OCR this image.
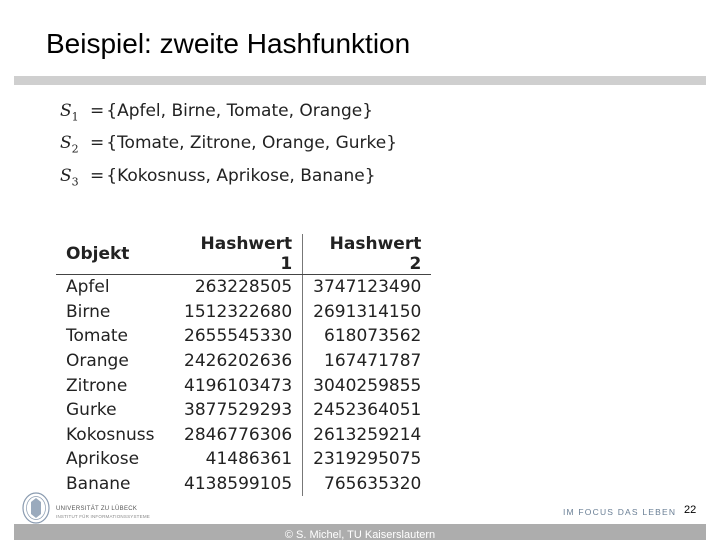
Beispiel: zweite Hashfunktion
$S_1$ = {Apfel, Birne, Tomate, Orange}
$S_2$ = {Tomate, Zitrone, Orange, Gurke}
$S_3$ = {Kokosnuss, Aprikose, Banane}
Objekt	Hashwert 1	Hashwert 2
Apfel	263228505	3747123490
Birne	1512322680	2691314150
Tomate	2655545330	618073562
Orange	2426202636	167471787
Zitrone	4196103473	3040259855
Gurke	3877529293	2452364051
Kokosnuss	2846776306	2613259214
Aprikose	41486361	2319295075
Banane	4138599105	765635320
UNIVERSITÄT ZU LÜBECK
INSTITUT FÜR INFORMATIONSSYSTEME	IM FOCUS DAS LEBEN 22
© S. Michel, TU Kaiserslautern
